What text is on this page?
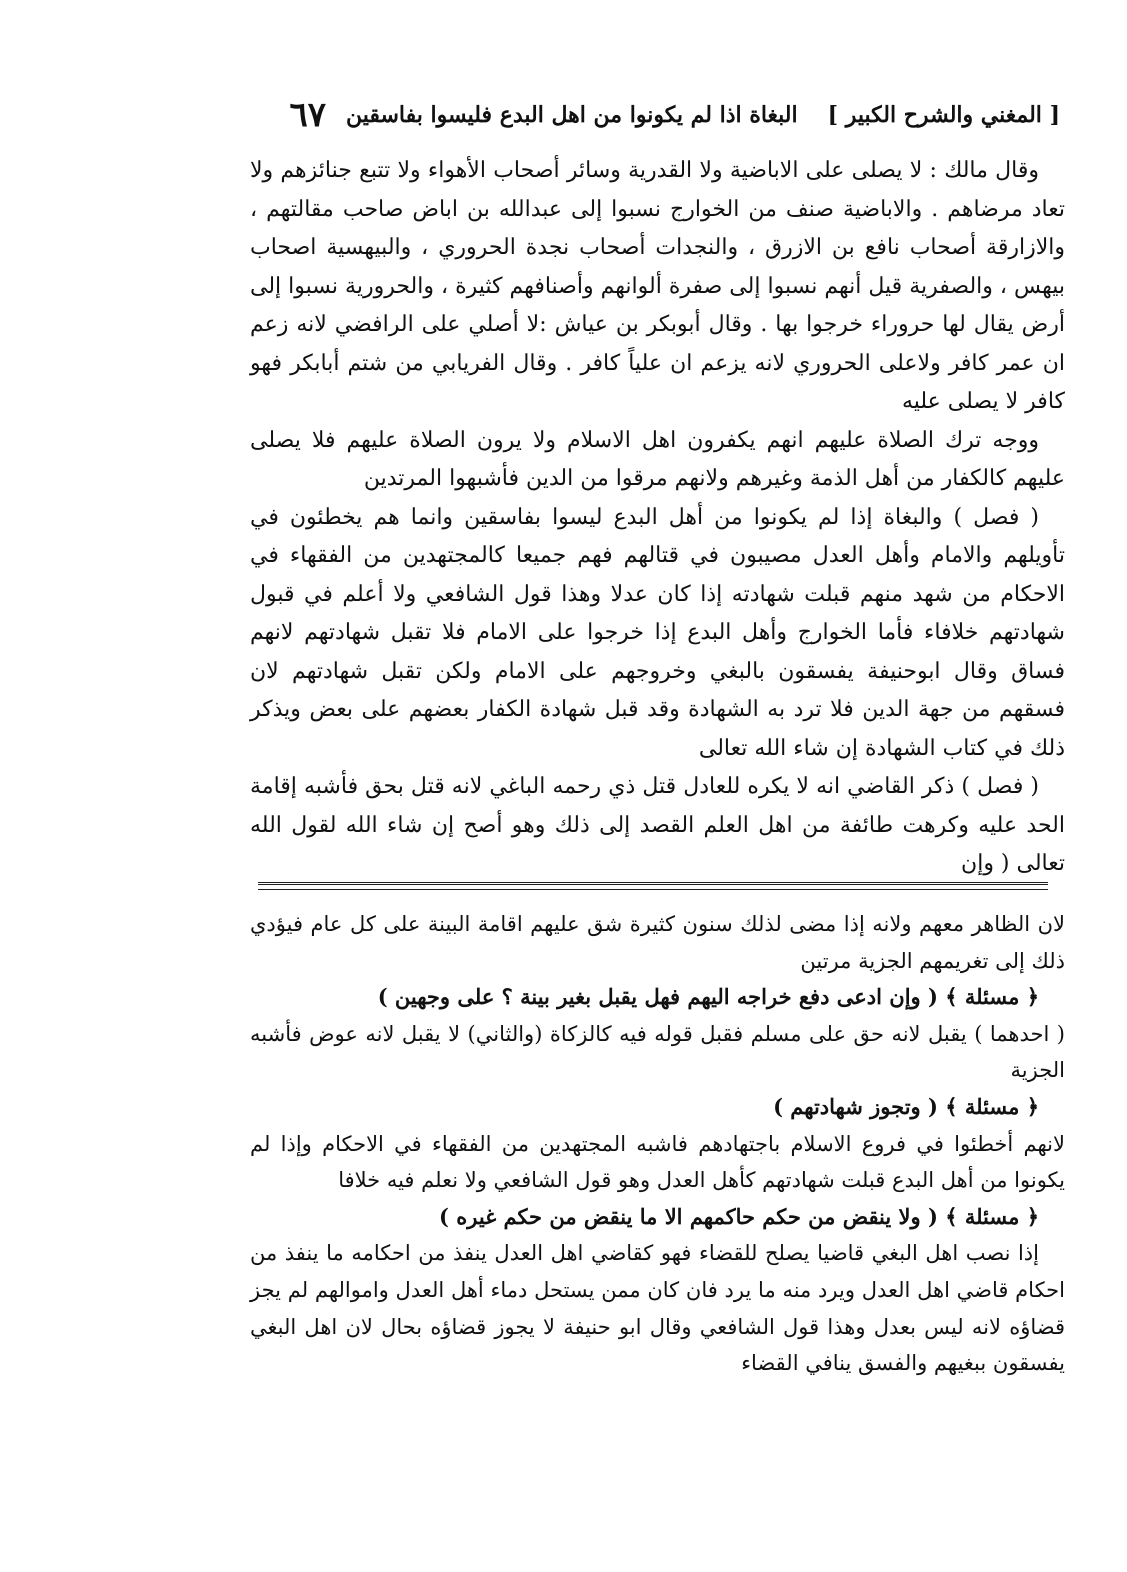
[ المغني والشرح الكبير ]
البغاة اذا لم يكونوا من اهل البدع فليسوا بفاسقين
٦٧

وقال مالك : لا يصلى على الاباضية ولا القدرية وسائر أصحاب الأهواء ولا تتبع جنائزهم ولا تعاد مرضاهم . والاباضية صنف من الخوارج نسبوا إلى عبدالله بن اباض صاحب مقالتهم ، والازارقة أصحاب نافع بن الازرق ، والنجدات أصحاب نجدة الحروري ، والبيهسية اصحاب بيهس ، والصفرية قيل أنهم نسبوا إلى صفرة ألوانهم وأصنافهم كثيرة ، والحرورية نسبوا إلى أرض يقال لها حروراء خرجوا بها . وقال أبوبكر بن عياش :لا أصلي على الرافضي لانه زعم ان عمر كافر ولاعلى الحروري لانه يزعم ان علياً كافر . وقال الفريابي من شتم أبابكر فهو كافر لا يصلى عليه

ووجه ترك الصلاة عليهم انهم يكفرون اهل الاسلام ولا يرون الصلاة عليهم فلا يصلى عليهم كالكفار من أهل الذمة وغيرهم ولانهم مرقوا من الدين فأشبهوا المرتدين

( فصل ) والبغاة إذا لم يكونوا من أهل البدع ليسوا بفاسقين وانما هم يخطئون في تأويلهم والامام وأهل العدل مصيبون في قتالهم فهم جميعا كالمجتهدين من الفقهاء في الاحكام من شهد منهم قبلت شهادته إذا كان عدلا وهذا قول الشافعي ولا أعلم في قبول شهادتهم خلافاء فأما الخوارج وأهل البدع إذا خرجوا على الامام فلا تقبل شهادتهم لانهم فساق وقال ابوحنيفة يفسقون بالبغي وخروجهم على الامام ولكن تقبل شهادتهم لان فسقهم من جهة الدين فلا ترد به الشهادة وقد قبل شهادة الكفار بعضهم على بعض ويذكر ذلك في كتاب الشهادة إن شاء الله تعالى

( فصل ) ذكر القاضي انه لا يكره للعادل قتل ذي رحمه الباغي لانه قتل بحق فأشبه إقامة الحد عليه وكرهت طائفة من اهل العلم القصد إلى ذلك وهو أصح إن شاء الله لقول الله تعالى ( وإن

لان الظاهر معهم ولانه إذا مضى لذلك سنون كثيرة شق عليهم اقامة البينة على كل عام فيؤدي ذلك إلى تغريمهم الجزية مرتين

﴿ مسئلة ﴾ ( وإن ادعى دفع خراجه اليهم فهل يقبل بغير بينة ؟ على وجهين )

( احدهما ) يقبل لانه حق على مسلم فقبل قوله فيه كالزكاة (والثاني) لا يقبل لانه عوض فأشبه الجزية

﴿ مسئلة ﴾ ( وتجوز شهادتهم )

لانهم أخطئوا في فروع الاسلام باجتهادهم فاشبه المجتهدين من الفقهاء في الاحكام وإذا لم يكونوا من أهل البدع قبلت شهادتهم كأهل العدل وهو قول الشافعي ولا نعلم فيه خلافا

﴿ مسئلة ﴾ ( ولا ينقض من حكم حاكمهم الا ما ينقض من حكم غيره )

إذا نصب اهل البغي قاضيا يصلح للقضاء فهو كقاضي اهل العدل ينفذ من احكامه ما ينفذ من احكام قاضي اهل العدل ويرد منه ما يرد فان كان ممن يستحل دماء أهل العدل واموالهم لم يجز قضاؤه لانه ليس بعدل وهذا قول الشافعي وقال ابو حنيفة لا يجوز قضاؤه بحال لان اهل البغي يفسقون ببغيهم والفسق ينافي القضاء
